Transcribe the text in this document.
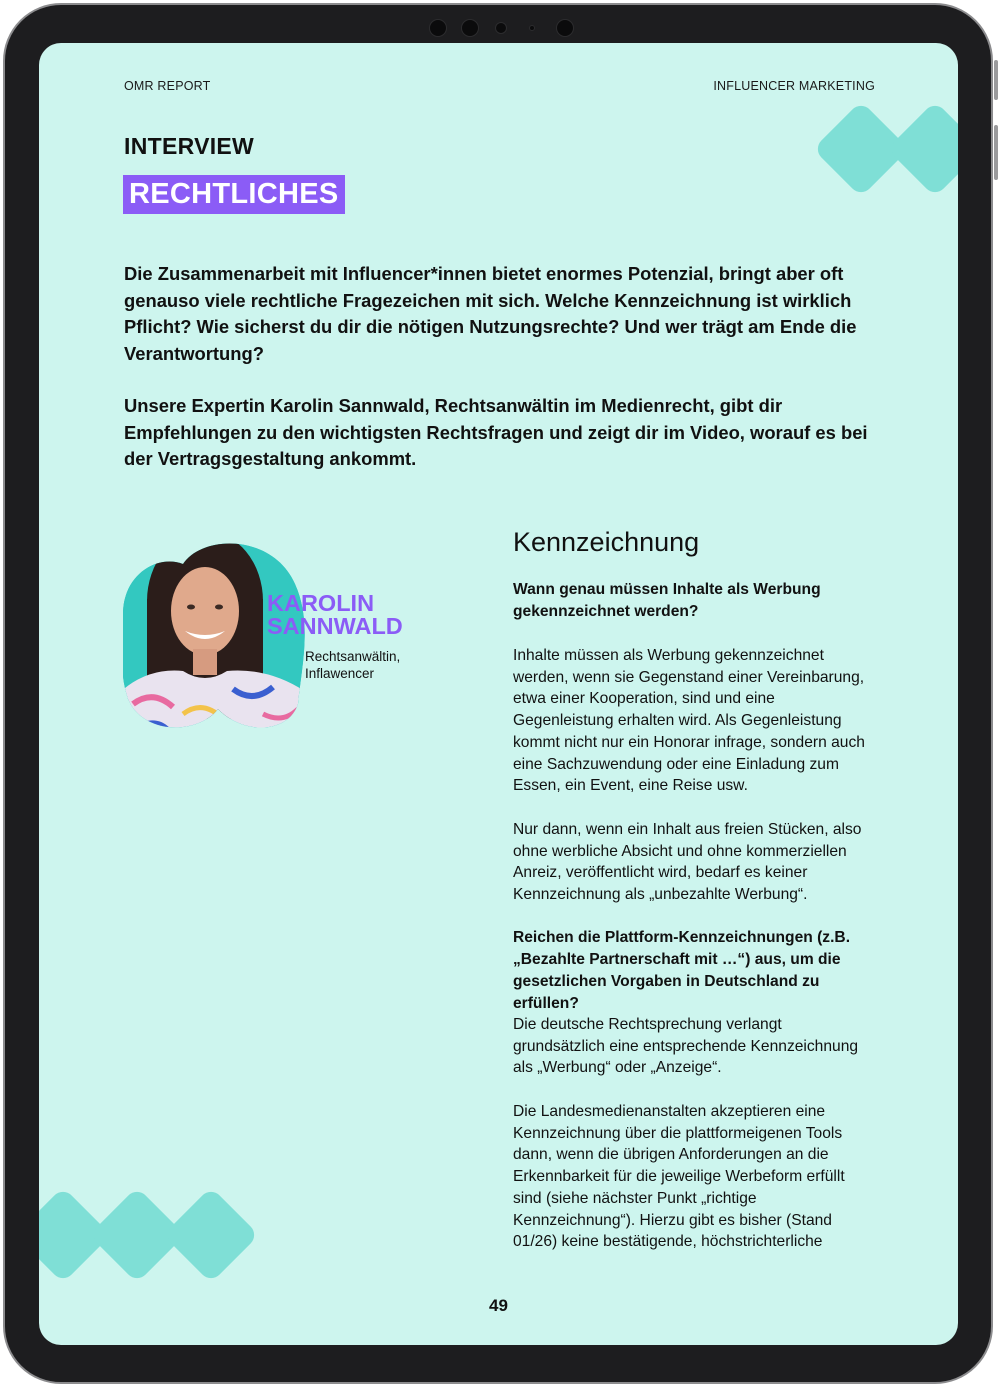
OMR REPORT	INFLUENCER MARKETING
INTERVIEW
RECHTLICHES

Die Zusammenarbeit mit Influencer*innen bietet enormes Potenzial, bringt aber oft genauso viele rechtliche Fragezeichen mit sich. Welche Kennzeichnung ist wirklich Pflicht? Wie sicherst du dir die nötigen Nutzungsrechte? Und wer trägt am Ende die Verantwortung?

Unsere Expertin Karolin Sannwald, Rechtsanwältin im Medienrecht, gibt dir Empfehlungen zu den wichtigsten Rechtsfragen und zeigt dir im Video, worauf es bei der Vertragsgestaltung ankommt.

KAROLIN
SANNWALD
Rechtsanwältin,
Inflawencer
Kennzeichnung

Wann genau müssen Inhalte als Werbung gekennzeichnet werden?

Inhalte müssen als Werbung gekennzeichnet werden, wenn sie Gegenstand einer Vereinbarung, etwa einer Kooperation, sind und eine Gegenleistung erhalten wird. Als Gegenleistung kommt nicht nur ein Honorar infrage, sondern auch eine Sachzuwendung oder eine Einladung zum Essen, ein Event, eine Reise usw.

Nur dann, wenn ein Inhalt aus freien Stücken, also ohne werbliche Absicht und ohne kommerziellen Anreiz, veröffentlicht wird, bedarf es keiner Kennzeichnung als „unbezahlte Werbung“.

Reichen die Plattform-Kennzeichnungen (z.B. „Bezahlte Partnerschaft mit …“) aus, um die gesetzlichen Vorgaben in Deutschland zu erfüllen?

Die deutsche Rechtsprechung verlangt grundsätzlich eine entsprechende Kennzeichnung als „Werbung“ oder „Anzeige“.

Die Landesmedienanstalten akzeptieren eine Kennzeichnung über die plattformeigenen Tools dann, wenn die übrigen Anforderungen an die Erkennbarkeit für die jeweilige Werbeform erfüllt sind (siehe nächster Punkt „richtige Kennzeichnung“). Hierzu gibt es bisher (Stand 01/26) keine bestätigende, höchstrichterliche

49
